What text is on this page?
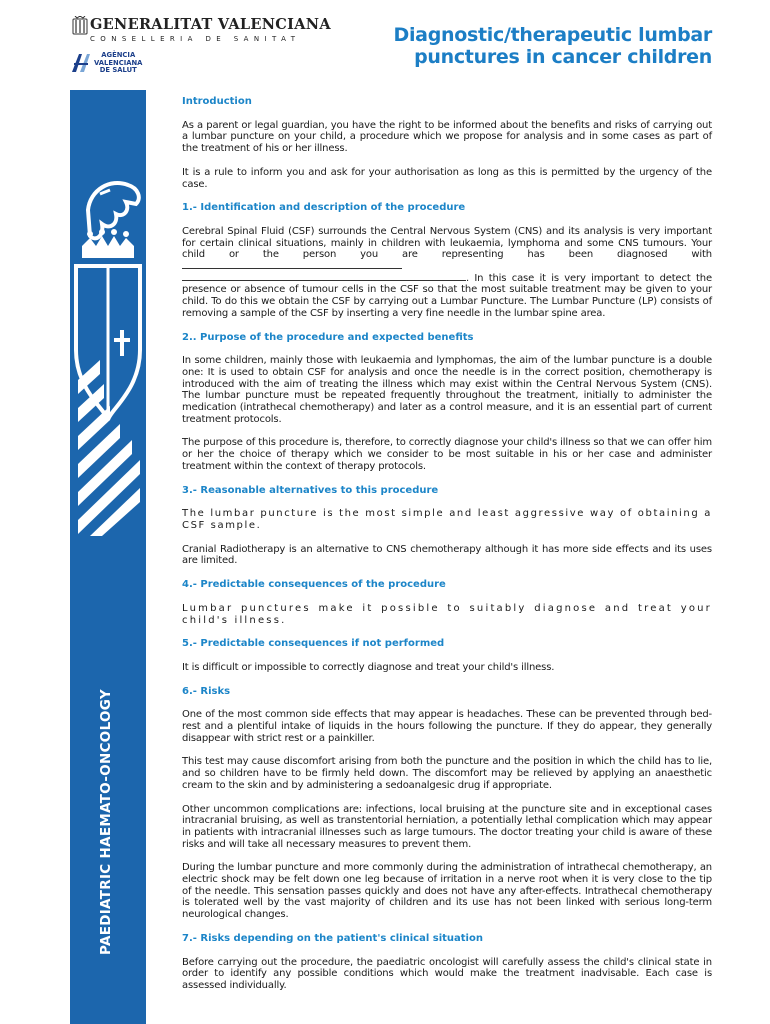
GENERALITAT VALENCIANA
CONSELLERIA DE SANITAT
AGÈNCIA
VALENCIANA
DE SALUT
Diagnostic/therapeutic lumbar
punctures in cancer children
PAEDIATRIC HAEMATO-ONCOLOGY
Introduction

As a parent or legal guardian, you have the right to be informed about the benefits and risks of carrying out a lumbar puncture on your child, a procedure which we propose for analysis and in some cases as part of the treatment of his or her illness.

It is a rule to inform you and ask for your authorisation as long as this is permitted by the urgency of the case.

1.- Identification and description of the procedure

Cerebral Spinal Fluid (CSF) surrounds the Central Nervous System (CNS) and its analysis is very important for certain clinical situations, mainly in children with leukaemia, lymphoma and some CNS tumours. Your child or the person you are representing has been diagnosed with
. In this case it is very important to detect the presence or absence of tumour cells in the CSF so that the most suitable treatment may be given to your child. To do this we obtain the CSF by carrying out a Lumbar Puncture. The Lumbar Puncture (LP) consists of removing a sample of the CSF by inserting a very fine needle in the lumbar spine area.

2.. Purpose of the procedure and expected benefits

In some children, mainly those with leukaemia and lymphomas, the aim of the lumbar puncture is a double one: It is used to obtain CSF for analysis and once the needle is in the correct position, chemotherapy is introduced with the aim of treating the illness which may exist within the Central Nervous System (CNS). The lumbar puncture must be repeated frequently throughout the treatment, initially to administer the medication (intrathecal chemotherapy) and later as a control measure, and it is an essential part of current treatment protocols.

The purpose of this procedure is, therefore, to correctly diagnose your child's illness so that we can offer him or her the choice of therapy which we consider to be most suitable in his or her case and administer treatment within the context of therapy protocols.

3.- Reasonable alternatives to this procedure

The lumbar puncture is the most simple and least aggressive way of obtaining a CSF sample.

Cranial Radiotherapy is an alternative to CNS chemotherapy although it has more side effects and its uses are limited.

4.- Predictable consequences of the procedure

Lumbar punctures make it possible to suitably diagnose and treat your child's illness.

5.- Predictable consequences if not performed

It is difficult or impossible to correctly diagnose and treat your child's illness.

6.- Risks

One of the most common side effects that may appear is headaches. These can be prevented through bed-rest and a plentiful intake of liquids in the hours following the puncture. If they do appear, they generally disappear with strict rest or a painkiller.

This test may cause discomfort arising from both the puncture and the position in which the child has to lie, and so children have to be firmly held down. The discomfort may be relieved by applying an anaesthetic cream to the skin and by administering a sedoanalgesic drug if appropriate.

Other uncommon complications are: infections, local bruising at the puncture site and in exceptional cases intracranial bruising, as well as transtentorial herniation, a potentially lethal complication which may appear in patients with intracranial illnesses such as large tumours. The doctor treating your child is aware of these risks and will take all necessary measures to prevent them.

During the lumbar puncture and more commonly during the administration of intrathecal chemotherapy, an electric shock may be felt down one leg because of irritation in a nerve root when it is very close to the tip of the needle. This sensation passes quickly and does not have any after-effects. Intrathecal chemotherapy is tolerated well by the vast majority of children and its use has not been linked with serious long-term neurological changes.

7.- Risks depending on the patient's clinical situation

Before carrying out the procedure, the paediatric oncologist will carefully assess the child's clinical state in order to identify any possible conditions which would make the treatment inadvisable. Each case is assessed individually.
